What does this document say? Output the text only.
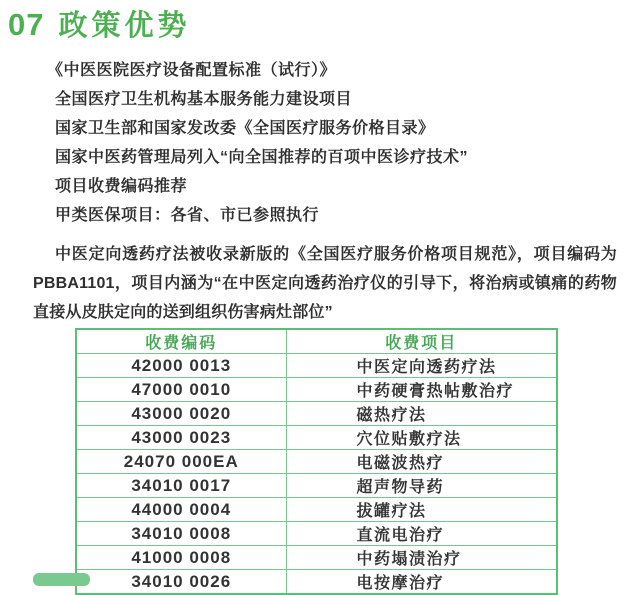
07 政策优势
《中医医院医疗设备配置标准（试行）》
全国医疗卫生机构基本服务能力建设项目
国家卫生部和国家发改委《全国医疗服务价格目录》
国家中医药管理局列入“向全国推荐的百项中医诊疗技术”
项目收费编码推荐
甲类医保项目：各省、市已参照执行

中医定向透药疗法被收录新版的《全国医疗服务价格项目规范》，项目编码为PBBA1101，项目内涵为“在中医定向透药治疗仪的引导下，将治病或镇痛的药物直接从皮肤定向的送到组织伤害病灶部位”

收费编码	收费项目
42000 0013	中医定向透药疗法
47000 0010	中药硬膏热帖敷治疗
43000 0020	磁热疗法
43000 0023	穴位贴敷疗法
24070 000EA	电磁波热疗
34010 0017	超声物导药
44000 0004	拔罐疗法
34010 0008	直流电治疗
41000 0008	中药塌渍治疗
34010 0026	电按摩治疗
